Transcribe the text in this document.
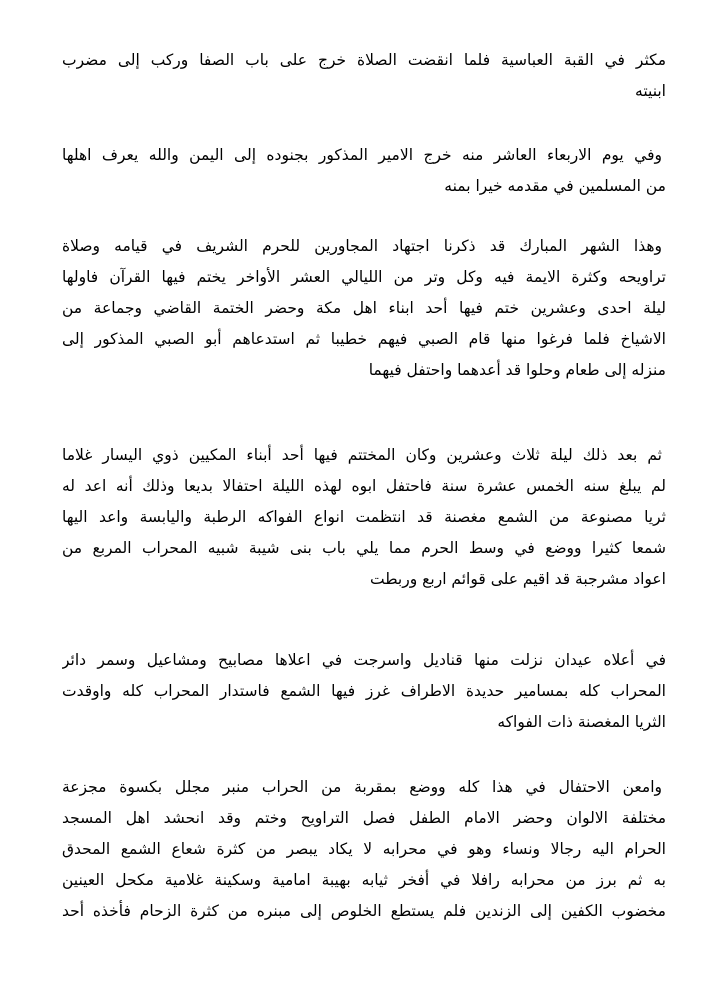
مكثر في القبة العباسية فلما انقضت الصلاة خرج على باب الصفا وركب إلى مضرب
ابنيته

وفي يوم الاربعاء العاشر منه خرج الامير المذكور بجنوده إلى اليمن والله يعرف اهلها
من المسلمين في مقدمه خيرا بمنه

وهذا الشهر المبارك قد ذكرنا اجتهاد المجاورين للحرم الشريف في قيامه وصلاة
تراويحه وكثرة الايمة فيه وكل وتر من الليالي العشر الأواخر يختم فيها القرآن فاولها
ليلة احدى وعشرين ختم فيها أحد ابناء اهل مكة وحضر الختمة القاضي وجماعة من
الاشياخ فلما فرغوا منها قام الصبي فيهم خطيبا ثم استدعاهم أبو الصبي المذكور إلى
منزله إلى طعام وحلوا قد أعدهما واحتفل فيهما

ثم بعد ذلك ليلة ثلاث وعشرين وكان المختتم فيها أحد أبناء المكيين ذوي اليسار غلاما
لم يبلغ سنه الخمس عشرة سنة فاحتفل ابوه لهذه الليلة احتفالا بديعا وذلك أنه اعد له
ثريا مصنوعة من الشمع مغصنة قد انتظمت انواع الفواكه الرطبة واليابسة واعد اليها
شمعا كثيرا ووضع في وسط الحرم مما يلي باب بنى شيبة شبيه المحراب المربع من
اعواد مشرجبة قد اقيم على قوائم اربع وربطت

في أعلاه عيدان نزلت منها قناديل واسرجت في اعلاها مصابيح ومشاعيل وسمر دائر
المحراب كله بمسامير حديدة الاطراف غرز فيها الشمع فاستدار المحراب كله واوقدت
الثريا المغصنة ذات الفواكه

وامعن الاحتفال في هذا كله ووضع بمقربة من الحراب منبر مجلل بكسوة مجزعة
مختلفة الالوان وحضر الامام الطفل فصل التراويح وختم وقد انحشد اهل المسجد
الحرام اليه رجالا ونساء وهو في محرابه لا يكاد يبصر من كثرة شعاع الشمع المحدق
به ثم برز من محرابه رافلا في أفخر ثيابه بهيبة امامية وسكينة غلامية مكحل العينين
مخضوب الكفين إلى الزندين فلم يستطع الخلوص إلى مبنره من كثرة الزحام فأخذه أحد
